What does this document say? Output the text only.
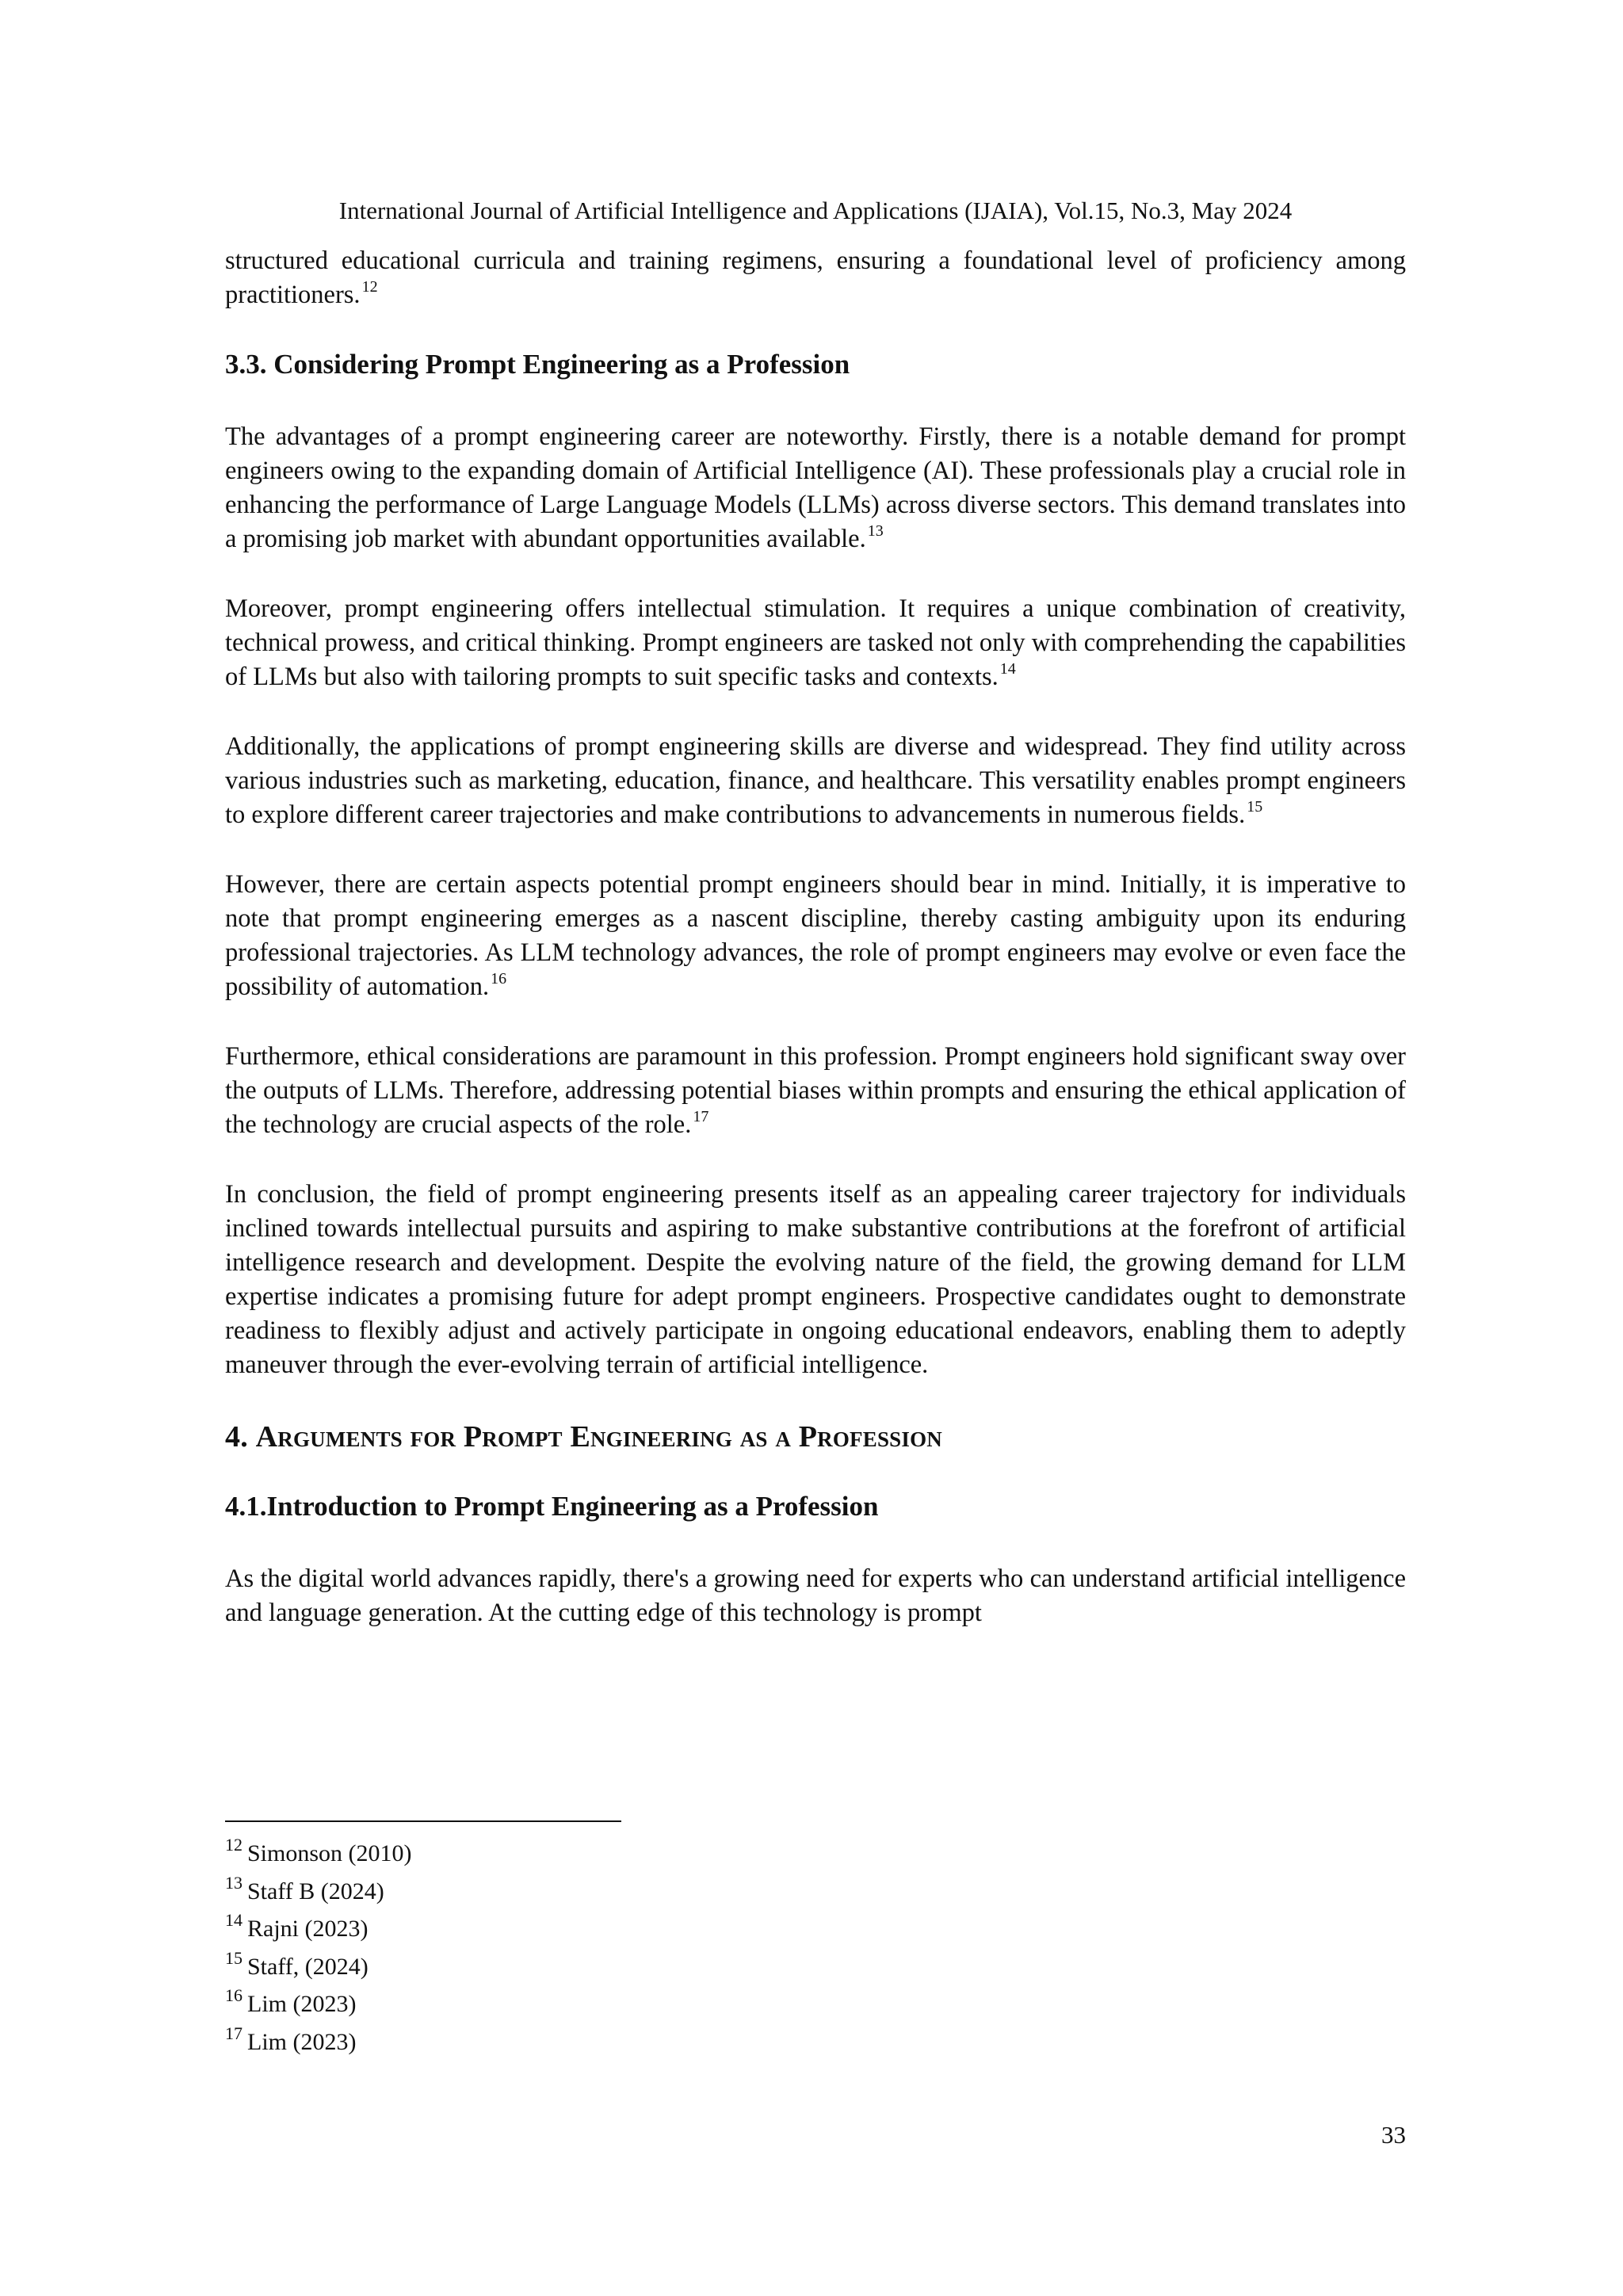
International Journal of Artificial Intelligence and Applications (IJAIA), Vol.15, No.3, May 2024

structured educational curricula and training regimens, ensuring a foundational level of proficiency among practitioners. $^{12}$

3.3. Considering Prompt Engineering as a Profession

The advantages of a prompt engineering career are noteworthy. Firstly, there is a notable demand for prompt engineers owing to the expanding domain of Artificial Intelligence (AI). These professionals play a crucial role in enhancing the performance of Large Language Models (LLMs) across diverse sectors. This demand translates into a promising job market with abundant opportunities available. $^{13}$

Moreover, prompt engineering offers intellectual stimulation. It requires a unique combination of creativity, technical prowess, and critical thinking. Prompt engineers are tasked not only with comprehending the capabilities of LLMs but also with tailoring prompts to suit specific tasks and contexts. $^{14}$

Additionally, the applications of prompt engineering skills are diverse and widespread. They find utility across various industries such as marketing, education, finance, and healthcare. This versatility enables prompt engineers to explore different career trajectories and make contributions to advancements in numerous fields. $^{15}$

However, there are certain aspects potential prompt engineers should bear in mind. Initially, it is imperative to note that prompt engineering emerges as a nascent discipline, thereby casting ambiguity upon its enduring professional trajectories. As LLM technology advances, the role of prompt engineers may evolve or even face the possibility of automation. $^{16}$

Furthermore, ethical considerations are paramount in this profession. Prompt engineers hold significant sway over the outputs of LLMs. Therefore, addressing potential biases within prompts and ensuring the ethical application of the technology are crucial aspects of the role. $^{17}$

In conclusion, the field of prompt engineering presents itself as an appealing career trajectory for individuals inclined towards intellectual pursuits and aspiring to make substantive contributions at the forefront of artificial intelligence research and development. Despite the evolving nature of the field, the growing demand for LLM expertise indicates a promising future for adept prompt engineers. Prospective candidates ought to demonstrate readiness to flexibly adjust and actively participate in ongoing educational endeavors, enabling them to adeptly maneuver through the ever-evolving terrain of artificial intelligence.

4. Arguments for Prompt Engineering as a Profession
4.1.Introduction to Prompt Engineering as a Profession

As the digital world advances rapidly, there's a growing need for experts who can understand artificial intelligence and language generation. At the cutting edge of this technology is prompt

$^{12}$ Simonson (2010)
$^{13}$ Staff B (2024)
$^{14}$ Rajni (2023)
$^{15}$ Staff, (2024)
$^{16}$ Lim (2023)
$^{17}$ Lim (2023)
33
